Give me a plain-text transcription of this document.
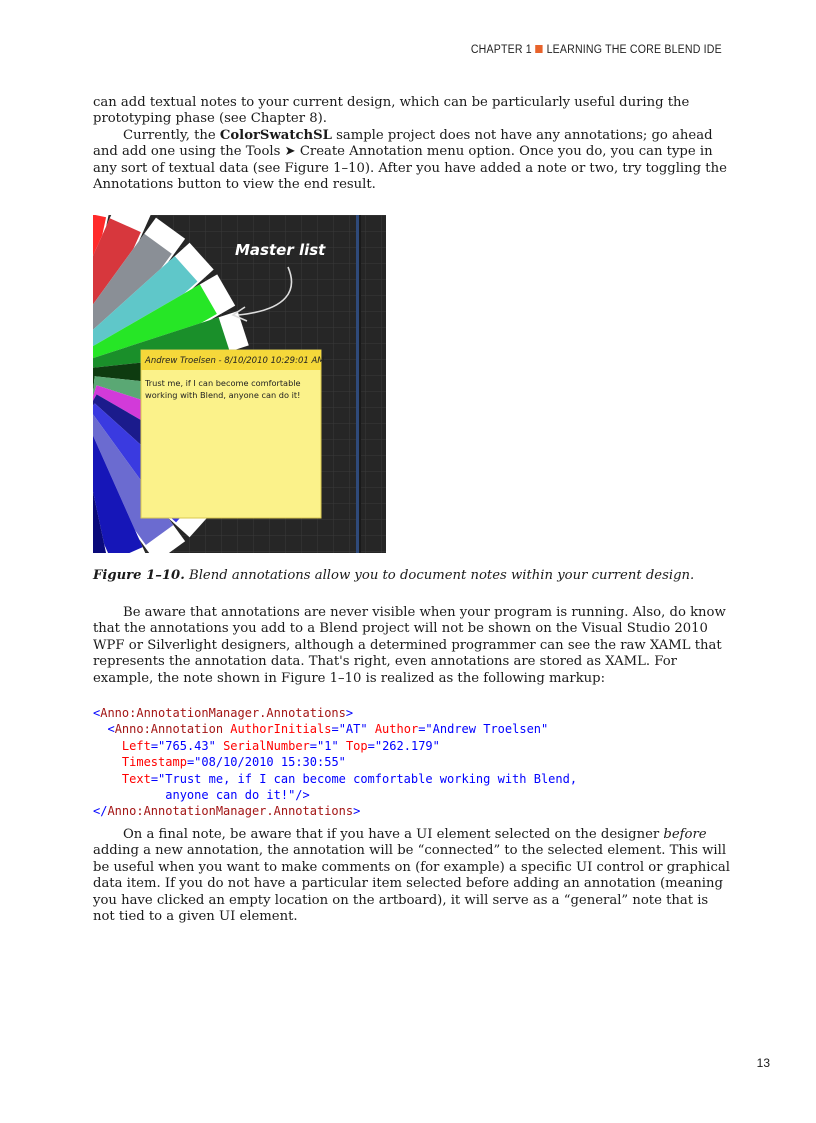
CHAPTER 1 LEARNING THE CORE BLEND IDE

can add textual notes to your current design, which can be particularly useful during the prototyping phase (see Chapter 8).

Currently, the ColorSwatchSL sample project does not have any annotations; go ahead and add one using the Tools ➤ Create Annotation menu option. Once you do, you can type in any sort of textual data (see Figure 1–10). After you have added a note or two, try toggling the Annotations button to view the end result.

Master list
Andrew Troelsen - 8/10/2010 10:29:01 AM
Trust me, if I can become comfortable
working with Blend, anyone can do it!

Figure 1–10. Blend annotations allow you to document notes within your current design.

Be aware that annotations are never visible when your program is running. Also, do know that the annotations you add to a Blend project will not be shown on the Visual Studio 2010 WPF or Silverlight designers, although a determined programmer can see the raw XAML that represents the annotation data. That's right, even annotations are stored as XAML. For example, the note shown in Figure 1–10 is realized as the following markup:

<Anno:AnnotationManager.Annotations>
<Anno:Annotation AuthorInitials="AT" Author="Andrew Troelsen"
Left="765.43" SerialNumber="1" Top="262.179"
Timestamp="08/10/2010 15:30:55"
Text="Trust me, if I can become comfortable working with Blend,
anyone can do it!"/>
</Anno:AnnotationManager.Annotations>

On a final note, be aware that if you have a UI element selected on the designer before adding a new annotation, the annotation will be “connected” to the selected element. This will be useful when you want to make comments on (for example) a specific UI control or graphical data item. If you do not have a particular item selected before adding an annotation (meaning you have clicked an empty location on the artboard), it will serve as a “general” note that is not tied to a given UI element.

13
